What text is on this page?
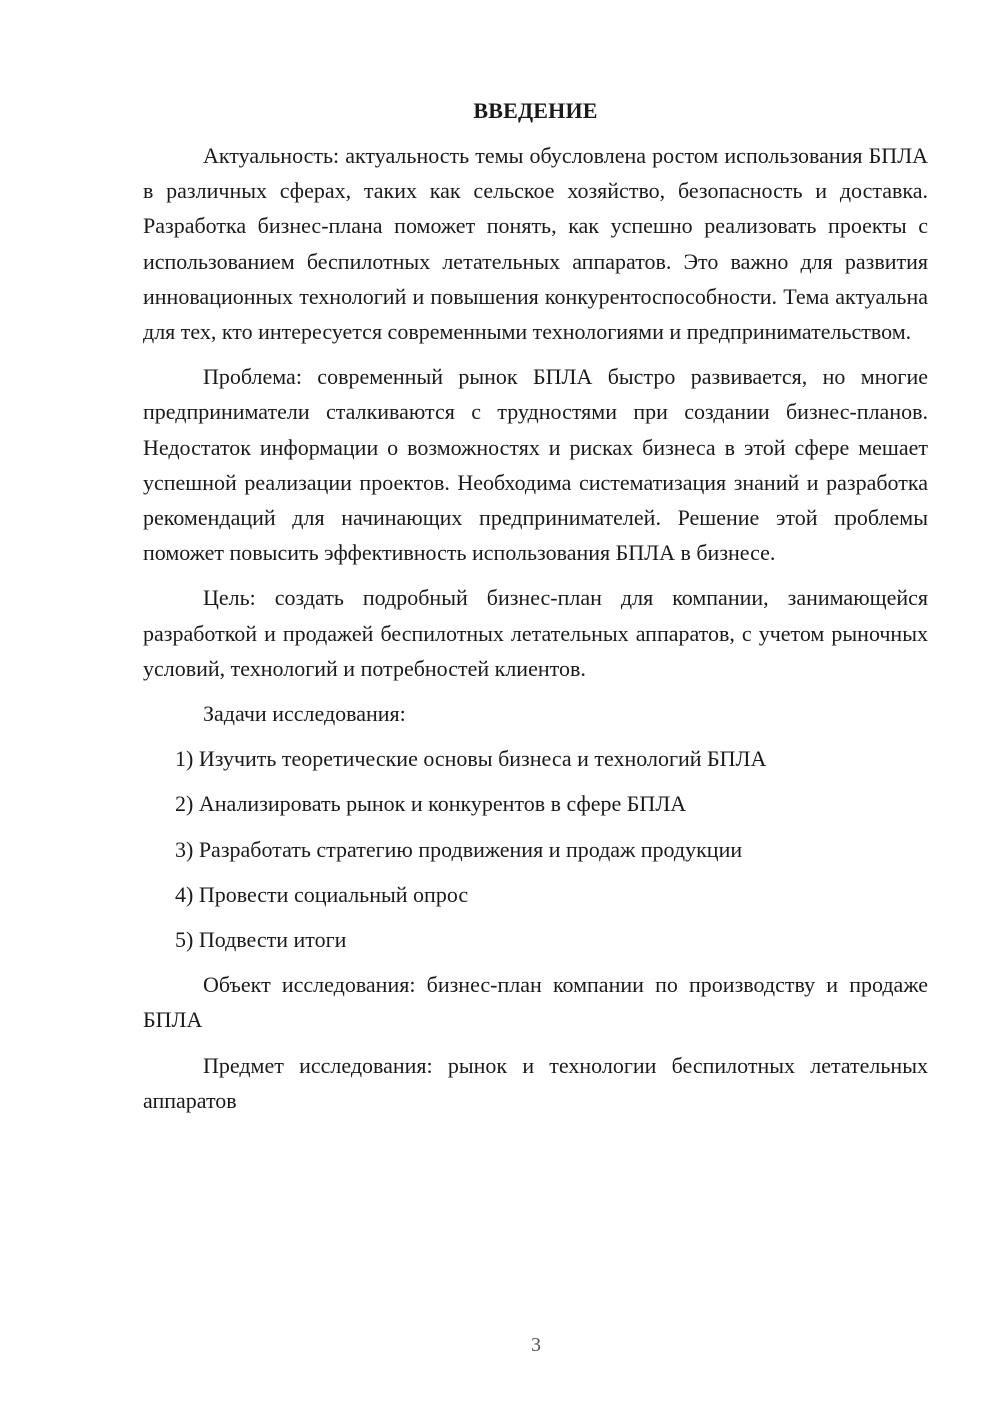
ВВЕДЕНИЕ

Актуальность: актуальность темы обусловлена ростом использования БПЛА в различных сферах, таких как сельское хозяйство, безопасность и доставка. Разработка бизнес-плана поможет понять, как успешно реализовать проекты с использованием беспилотных летательных аппаратов. Это важно для развития инновационных технологий и повышения конкурентоспособности. Тема актуальна для тех, кто интересуется современными технологиями и предпринимательством.

Проблема: современный рынок БПЛА быстро развивается, но многие предприниматели сталкиваются с трудностями при создании бизнес-планов. Недостаток информации о возможностях и рисках бизнеса в этой сфере мешает успешной реализации проектов. Необходима систематизация знаний и разработка рекомендаций для начинающих предпринимателей. Решение этой проблемы поможет повысить эффективность использования БПЛА в бизнесе.

Цель: создать подробный бизнес-план для компании, занимающейся разработкой и продажей беспилотных летательных аппаратов, с учетом рыночных условий, технологий и потребностей клиентов.

Задачи исследования:

1) Изучить теоретические основы бизнеса и технологий БПЛА
2) Анализировать рынок и конкурентов в сфере БПЛА
3) Разработать стратегию продвижения и продаж продукции
4) Провести социальный опрос
5) Подвести итоги

Объект исследования: бизнес-план компании по производству и продаже БПЛА

Предмет исследования: рынок и технологии беспилотных летательных аппаратов

3
